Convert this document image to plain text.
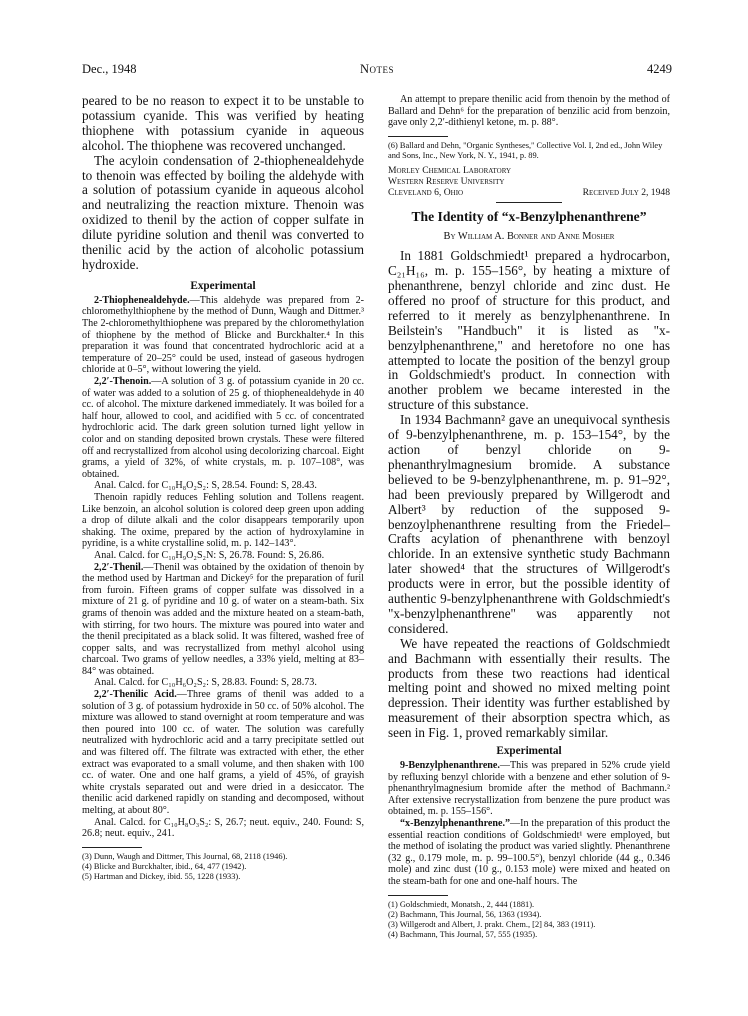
Dec., 1948	Notes	4249

peared to be no reason to expect it to be unstable to potassium cyanide. This was verified by heating thiophene with potassium cyanide in aqueous alcohol. The thiophene was recovered unchanged.

The acyloin condensation of 2-thiophenealdehyde to thenoin was effected by boiling the aldehyde with a solution of potassium cyanide in aqueous alcohol and neutralizing the reaction mixture. Thenoin was oxidized to thenil by the action of copper sulfate in dilute pyridine solution and thenil was converted to thenilic acid by the action of alcoholic potassium hydroxide.

Experimental

2-Thiophenealdehyde.—This aldehyde was prepared from 2-chloromethylthiophene by the method of Dunn, Waugh and Dittmer.³ The 2-chloromethylthiophene was prepared by the chloromethylation of thiophene by the method of Blicke and Burckhalter.⁴ In this preparation it was found that concentrated hydrochloric acid at a temperature of 20–25° could be used, instead of gaseous hydrogen chloride at 0–5°, without lowering the yield.

2,2′-Thenoin.—A solution of 3 g. of potassium cyanide in 20 cc. of water was added to a solution of 25 g. of thiophenealdehyde in 40 cc. of alcohol. The mixture darkened immediately. It was boiled for a half hour, allowed to cool, and acidified with 5 cc. of concentrated hydrochloric acid. The dark green solution turned light yellow in color and on standing deposited brown crystals. These were filtered off and recrystallized from alcohol using decolorizing charcoal. Eight grams, a yield of 32%, of white crystals, m. p. 107–108°, was obtained.

Anal. Calcd. for C₁₀H₈O₂S₂: S, 28.54. Found: S, 28.43.

Thenoin rapidly reduces Fehling solution and Tollens reagent. Like benzoin, an alcohol solution is colored deep green upon adding a drop of dilute alkali and the color disappears temporarily upon shaking. The oxime, prepared by the action of hydroxylamine in pyridine, is a white crystalline solid, m. p. 142–143°.

Anal. Calcd. for C₁₀H₉O₂S₂N: S, 26.78. Found: S, 26.86.

2,2′-Thenil.—Thenil was obtained by the oxidation of thenoin by the method used by Hartman and Dickey⁵ for the preparation of furil from furoin. Fifteen grams of copper sulfate was dissolved in a mixture of 21 g. of pyridine and 10 g. of water on a steam-bath. Six grams of thenoin was added and the mixture heated on a steam-bath, with stirring, for two hours. The mixture was poured into water and the thenil precipitated as a black solid. It was filtered, washed free of copper salts, and was recrystallized from methyl alcohol using charcoal. Two grams of yellow needles, a 33% yield, melting at 83–84° was obtained.

Anal. Calcd. for C₁₀H₆O₂S₂: S, 28.83. Found: S, 28.73.

2,2′-Thenilic Acid.—Three grams of thenil was added to a solution of 3 g. of potassium hydroxide in 50 cc. of 50% alcohol. The mixture was allowed to stand overnight at room temperature and was then poured into 100 cc. of water. The solution was carefully neutralized with hydrochloric acid and a tarry precipitate settled out and was filtered off. The filtrate was extracted with ether, the ether extract was evaporated to a small volume, and then shaken with 100 cc. of water. One and one half grams, a yield of 45%, of grayish white crystals separated out and were dried in a desiccator. The thenilic acid darkened rapidly on standing and decomposed, without melting, at about 80°.

Anal. Calcd. for C₁₀H₈O₃S₂: S, 26.7; neut. equiv., 240. Found: S, 26.8; neut. equiv., 241.

(3) Dunn, Waugh and Dittmer, This Journal, 68, 2118 (1946).
(4) Blicke and Burckhalter, ibid., 64, 477 (1942).
(5) Hartman and Dickey, ibid. 55, 1228 (1933).

An attempt to prepare thenilic acid from thenoin by the method of Ballard and Dehn⁶ for the preparation of benzilic acid from benzoin, gave only 2,2′-dithienyl ketone, m. p. 88°.

(6) Ballard and Dehn, "Organic Syntheses," Collective Vol. I, 2nd ed., John Wiley and Sons, Inc., New York, N. Y., 1941, p. 89.
Morley Chemical Laboratory
Western Reserve University
Cleveland 6, Ohio	Received July 2, 1948
The Identity of “x-Benzylphenanthrene”
By William A. Bonner and Anne Mosher

In 1881 Goldschmiedt¹ prepared a hydrocarbon, C₂₁H₁₆, m. p. 155–156°, by heating a mixture of phenanthrene, benzyl chloride and zinc dust. He offered no proof of structure for this product, and referred to it merely as benzylphenanthrene. In Beilstein's "Handbuch" it is listed as "x-benzylphenanthrene," and heretofore no one has attempted to locate the position of the benzyl group in Goldschmiedt's product. In connection with another problem we became interested in the structure of this substance.

In 1934 Bachmann² gave an unequivocal synthesis of 9-benzylphenanthrene, m. p. 153–154°, by the action of benzyl chloride on 9-phenanthrylmagnesium bromide. A substance believed to be 9-benzylphenanthrene, m. p. 91–92°, had been previously prepared by Willgerodt and Albert³ by reduction of the supposed 9-benzoylphenanthrene resulting from the Friedel–Crafts acylation of phenanthrene with benzoyl chloride. In an extensive synthetic study Bachmann later showed⁴ that the structures of Willgerodt's products were in error, but the possible identity of authentic 9-benzylphenanthrene with Goldschmiedt's "x-benzylphenanthrene" was apparently not considered.

We have repeated the reactions of Goldschmiedt and Bachmann with essentially their results. The products from these two reactions had identical melting point and showed no mixed melting point depression. Their identity was further established by measurement of their absorption spectra which, as seen in Fig. 1, proved remarkably similar.

Experimental

9-Benzylphenanthrene.—This was prepared in 52% crude yield by refluxing benzyl chloride with a benzene and ether solution of 9-phenanthrylmagnesium bromide after the method of Bachmann.² After extensive recrystallization from benzene the pure product was obtained, m. p. 155–156°.

“x-Benzylphenanthrene.”—In the preparation of this product the essential reaction conditions of Goldschmiedt¹ were employed, but the method of isolating the product was varied slightly. Phenanthrene (32 g., 0.179 mole, m. p. 99–100.5°), benzyl chloride (44 g., 0.346 mole) and zinc dust (10 g., 0.153 mole) were mixed and heated on the steam-bath for one and one-half hours. The

(1) Goldschmiedt, Monatsh., 2, 444 (1881).
(2) Bachmann, This Journal, 56, 1363 (1934).
(3) Willgerodt and Albert, J. prakt. Chem., [2] 84, 383 (1911).
(4) Bachmann, This Journal, 57, 555 (1935).
